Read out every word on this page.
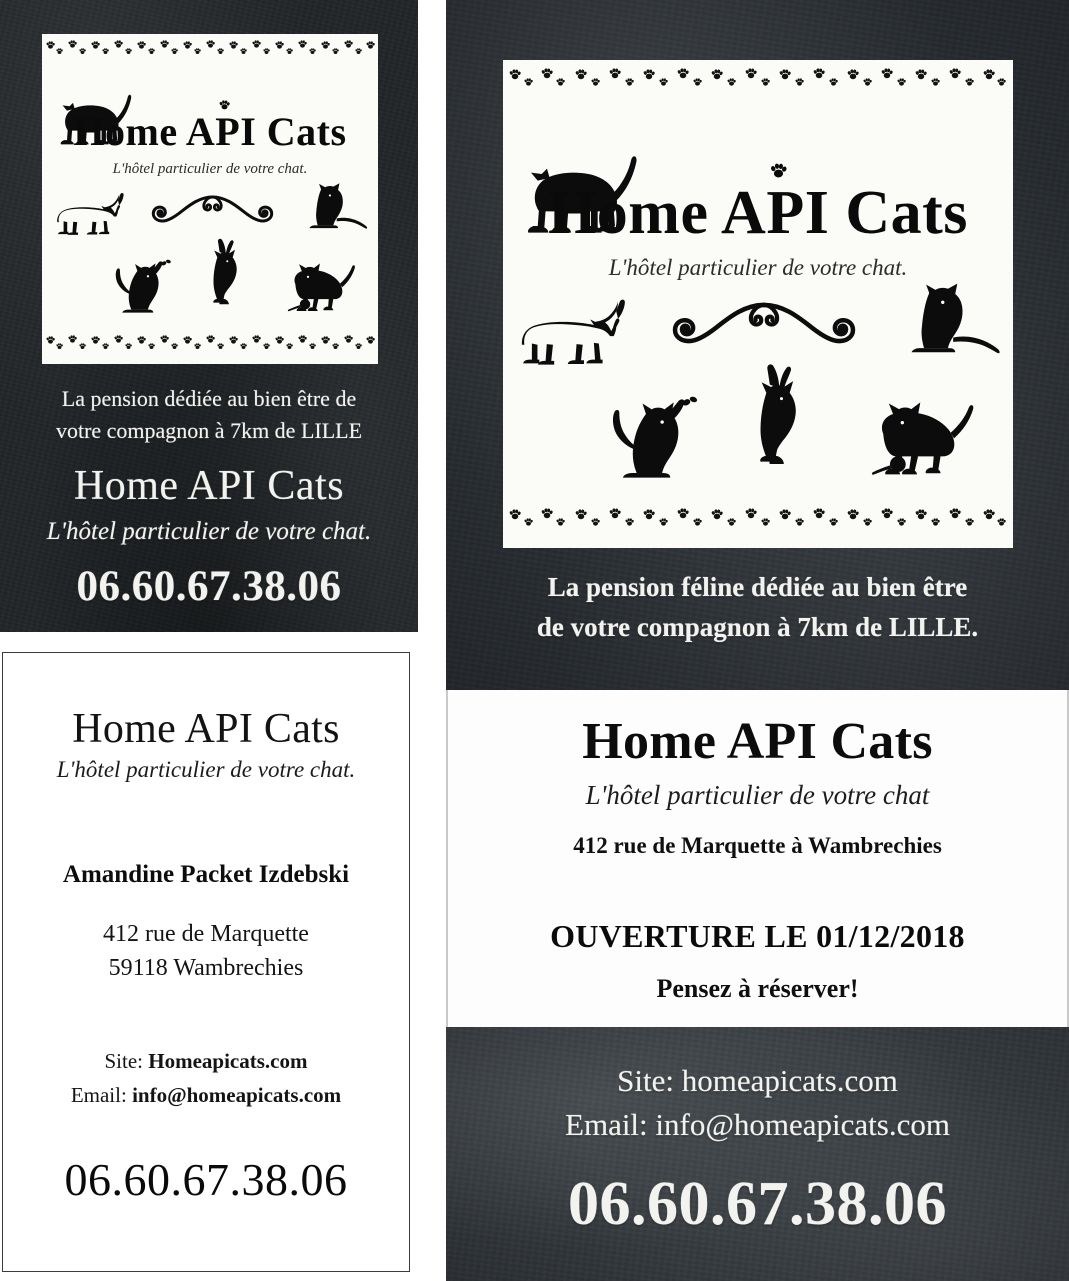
Home API Cats
L'hôtel particulier de votre chat.
La pension dédiée au bien être de
votre compagnon à 7km de LILLE
Home API Cats
L'hôtel particulier de votre chat.
06.60.67.38.06
Home API Cats
L'hôtel particulier de votre chat.
Amandine Packet Izdebski
412 rue de Marquette
59118 Wambrechies
Site: Homeapicats.com
Email: info@homeapicats.com
06.60.67.38.06
Home API Cats
L'hôtel particulier de votre chat.
La pension féline dédiée au bien être
de votre compagnon à 7km de LILLE.
Home API Cats
L'hôtel particulier de votre chat
412 rue de Marquette à Wambrechies
OUVERTURE LE 01/12/2018
Pensez à réserver!
Site: homeapicats.com
Email: info@homeapicats.com
06.60.67.38.06
